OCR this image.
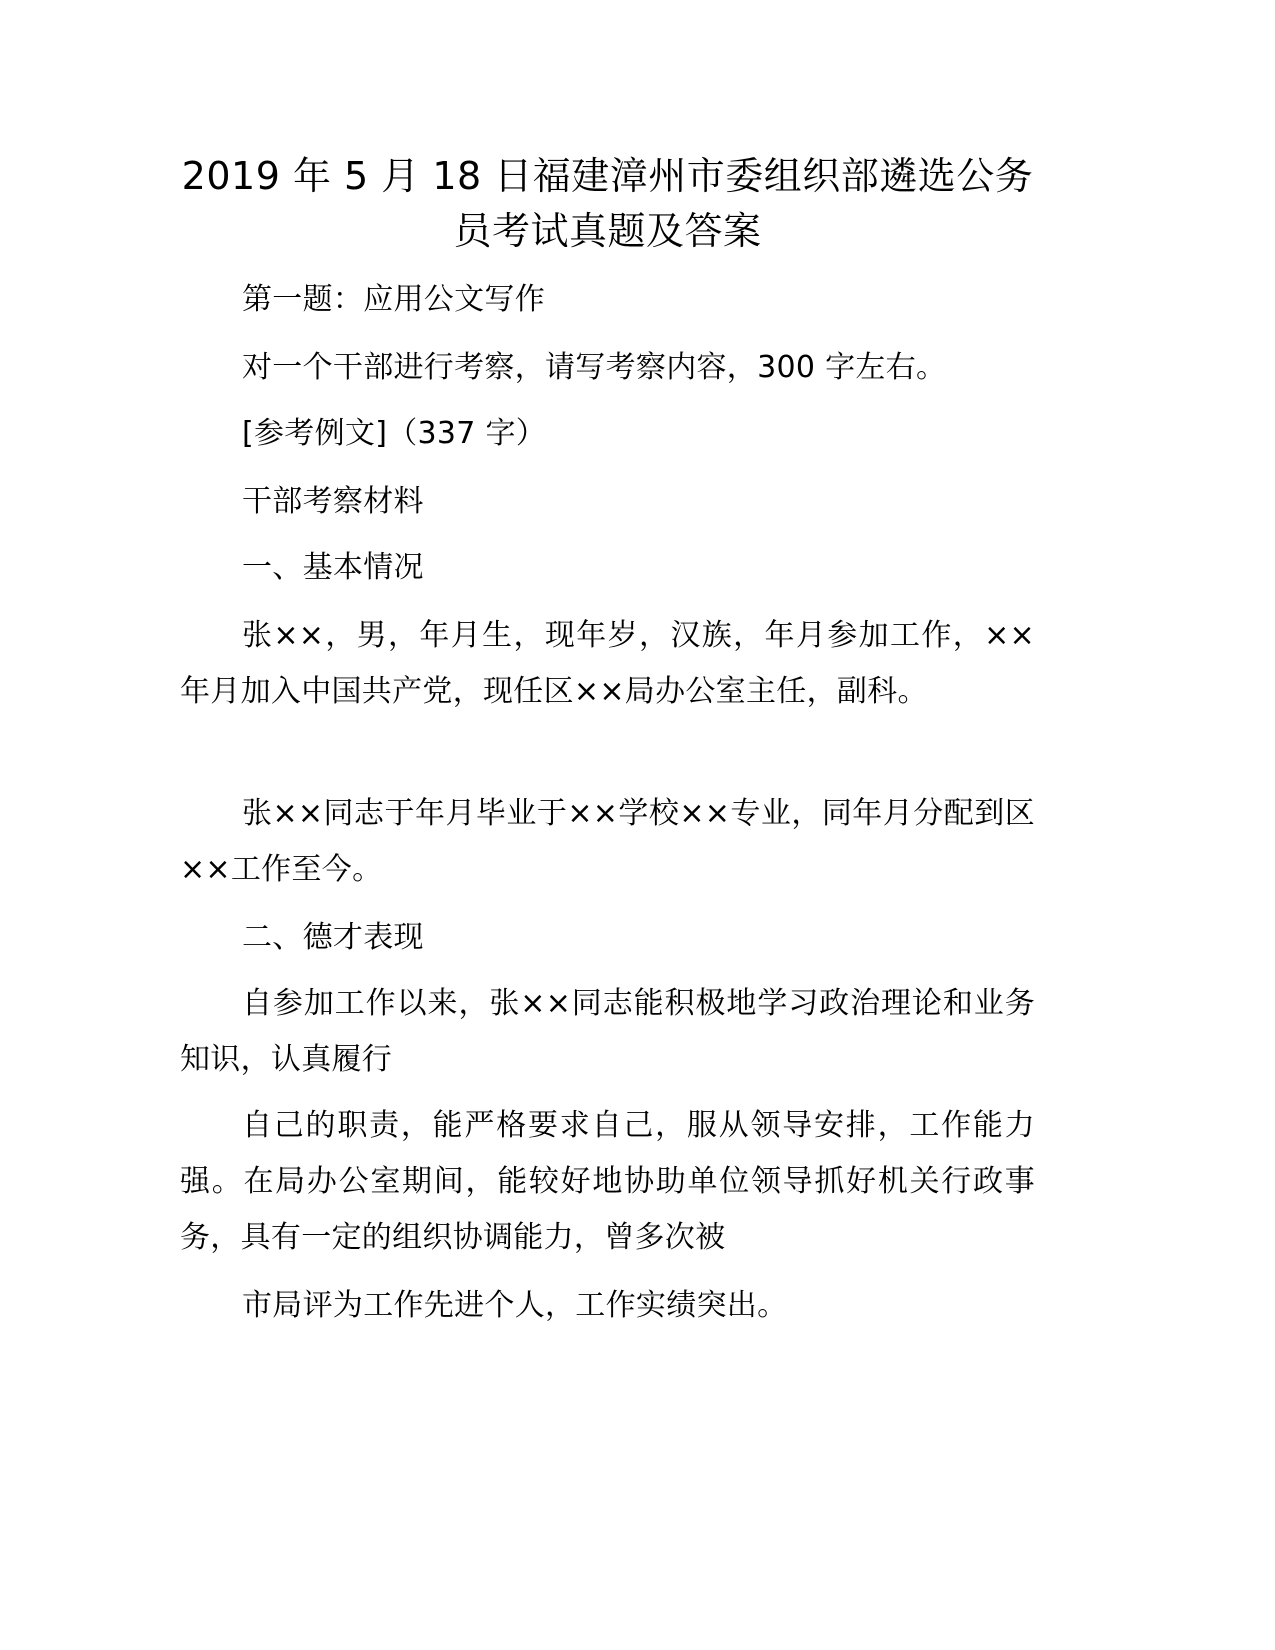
2019 年 5 月 18 日福建漳州市委组织部遴选公务
员考试真题及答案

第一题：应用公文写作

对一个干部进行考察，请写考察内容，300 字左右。

[参考例文]（337 字）

干部考察材料

一、基本情况

张××，男，年月生，现年岁，汉族，年月参加工作，××年月加入中国共产党，现任区××局办公室主任，副科。

张××同志于年月毕业于××学校××专业，同年月分配到区××工作至今。

二、德才表现

自参加工作以来，张××同志能积极地学习政治理论和业务知识，认真履行

自己的职责，能严格要求自己，服从领导安排，工作能力强。在局办公室期间，能较好地协助单位领导抓好机关行政事务，具有一定的组织协调能力，曾多次被

市局评为工作先进个人，工作实绩突出。
